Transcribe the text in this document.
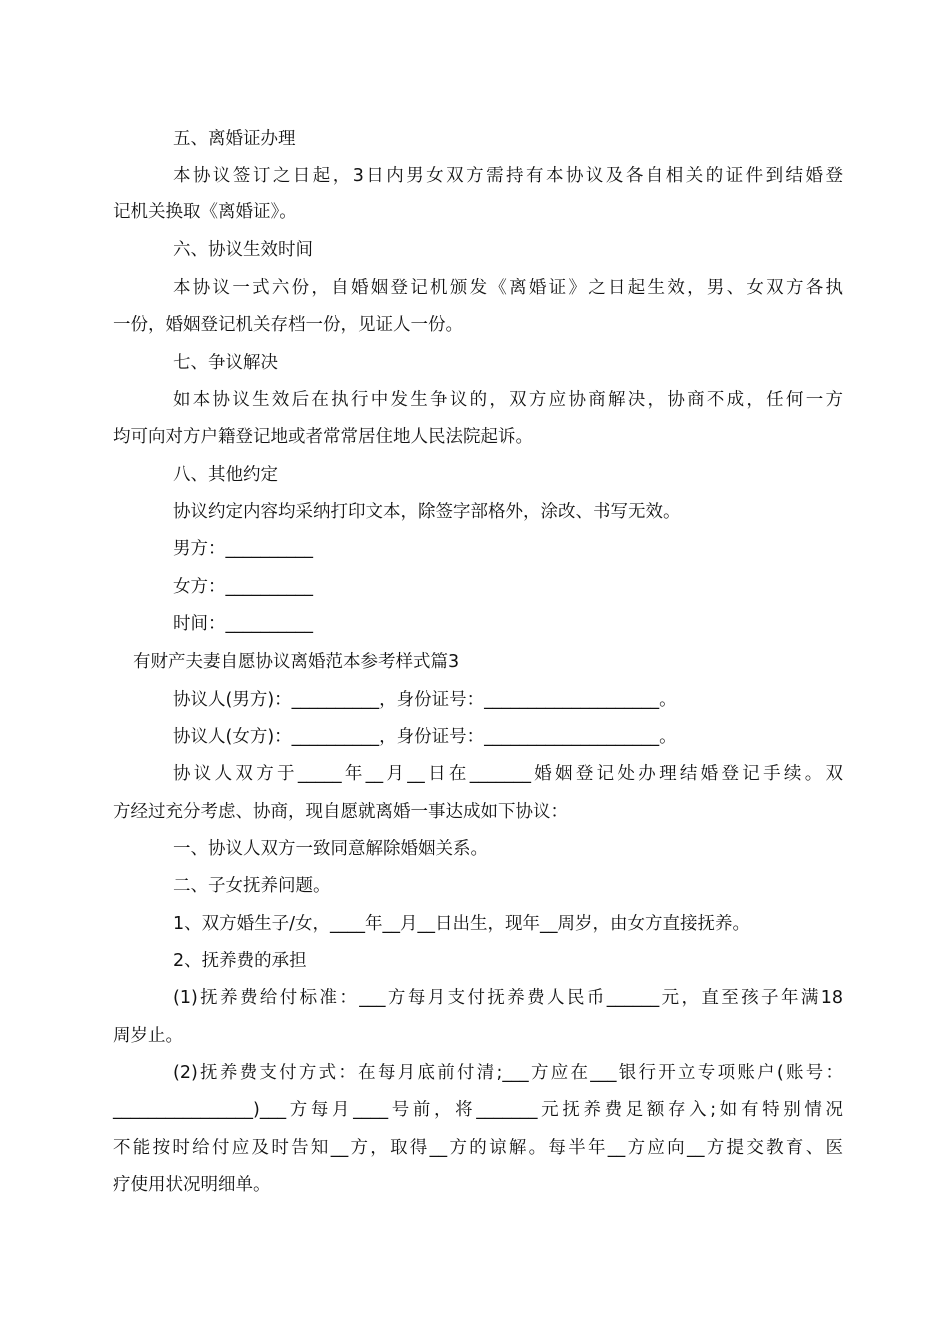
五、离婚证办理

本协议签订之日起，3日内男女双方需持有本协议及各自相关的证件到结婚登

记机关换取《离婚证》。

六、协议生效时间

本协议一式六份，自婚姻登记机颁发《离婚证》之日起生效，男、女双方各执

一份，婚姻登记机关存档一份，见证人一份。

七、争议解决

如本协议生效后在执行中发生争议的，双方应协商解决，协商不成，任何一方

均可向对方户籍登记地或者常常居住地人民法院起诉。

八、其他约定

协议约定内容均采纳打印文本，除签字部格外，涂改、书写无效。

男方：__________

女方：__________

时间：__________

有财产夫妻自愿协议离婚范本参考样式篇3

协议人(男方)：__________，身份证号：____________________。

协议人(女方)：__________，身份证号：____________________。

协议人双方于_____年__月__日在_______婚姻登记处办理结婚登记手续。双

方经过充分考虑、协商，现自愿就离婚一事达成如下协议：

一、协议人双方一致同意解除婚姻关系。

二、子女抚养问题。

1、双方婚生子/女，____年__月__日出生，现年__周岁，由女方直接抚养。

2、抚养费的承担

(1)抚养费给付标准：___方每月支付抚养费人民币______元，直至孩子年满18

周岁止。

(2)抚养费支付方式：在每月底前付清;___方应在___银行开立专项账户(账号：

________________)___方每月____号前，将_______元抚养费足额存入;如有特别情况

不能按时给付应及时告知__方，取得__方的谅解。每半年__方应向__方提交教育、医

疗使用状况明细单。
